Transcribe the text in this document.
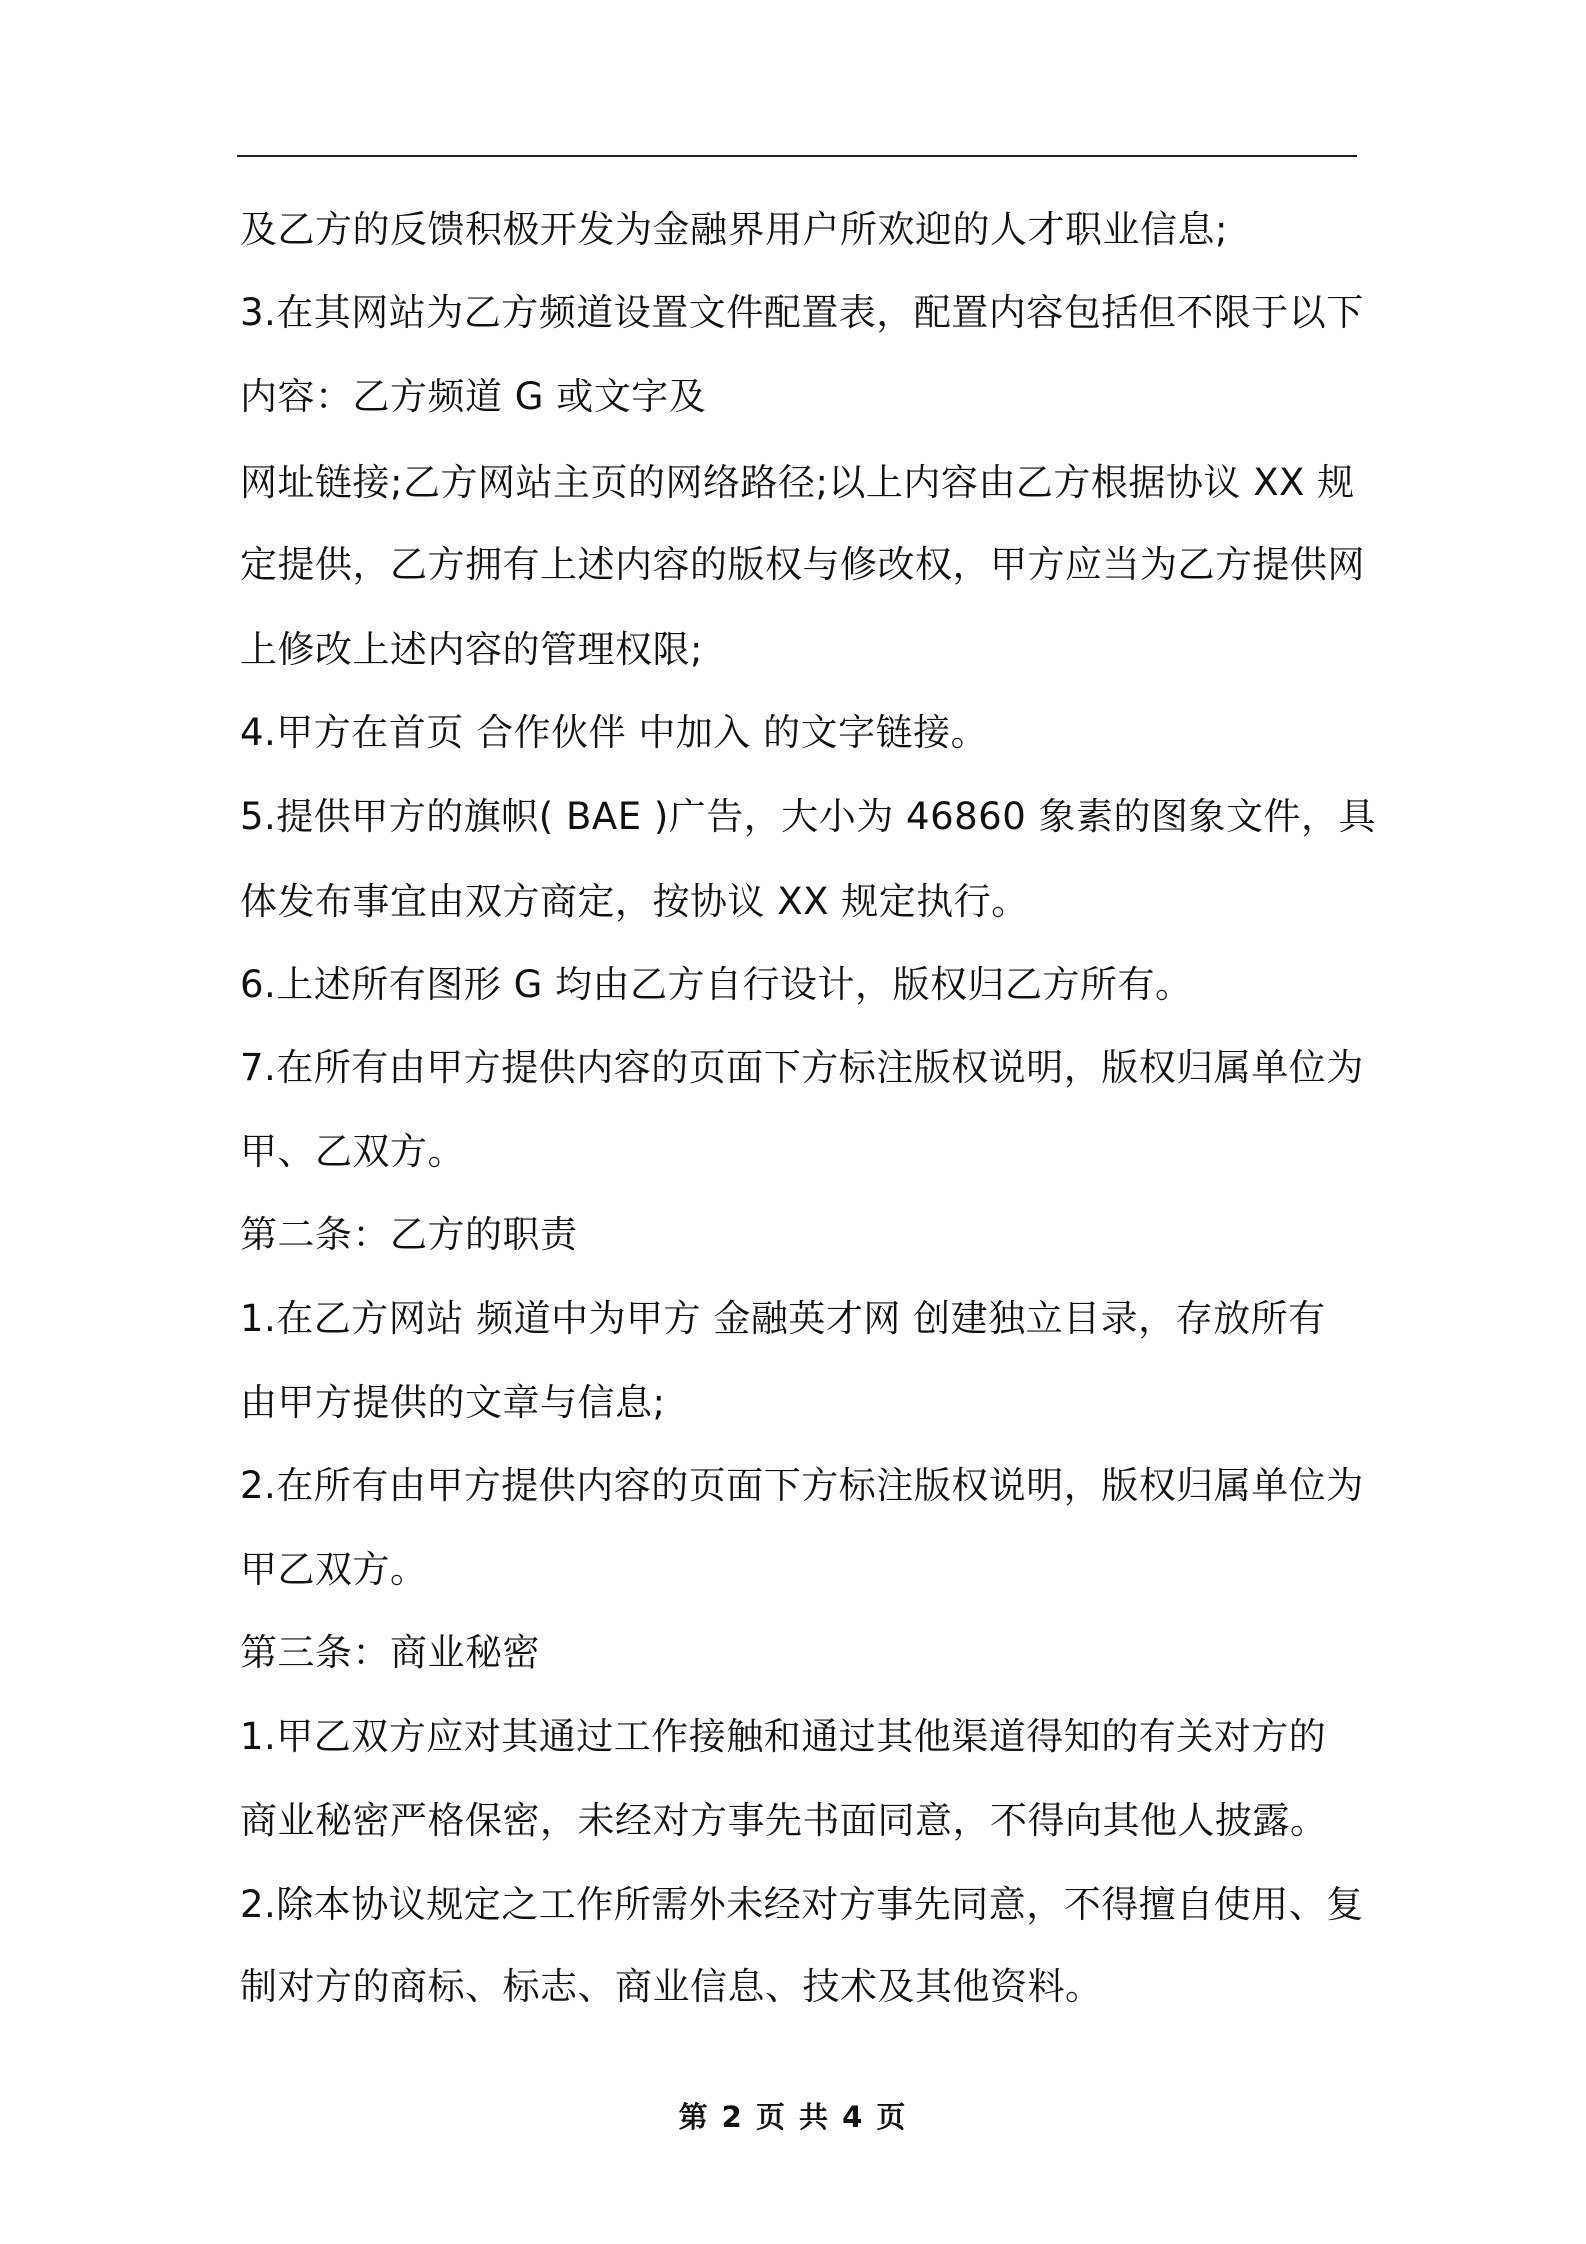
及乙方的反馈积极开发为金融界用户所欢迎的人才职业信息;
3.在其网站为乙方频道设置文件配置表，配置内容包括但不限于以下
内容：乙方频道 G 或文字及
网址链接;乙方网站主页的网络路径;以上内容由乙方根据协议 XX 规
定提供，乙方拥有上述内容的版权与修改权，甲方应当为乙方提供网
上修改上述内容的管理权限;
4.甲方在首页 合作伙伴 中加入 的文字链接。
5.提供甲方的旗帜( BAE )广告，大小为 46860 象素的图象文件，具
体发布事宜由双方商定，按协议 XX 规定执行。
6.上述所有图形 G 均由乙方自行设计，版权归乙方所有。
7.在所有由甲方提供内容的页面下方标注版权说明，版权归属单位为
甲、乙双方。
第二条：乙方的职责
1.在乙方网站 频道中为甲方 金融英才网 创建独立目录，存放所有
由甲方提供的文章与信息;
2.在所有由甲方提供内容的页面下方标注版权说明，版权归属单位为
甲乙双方。
第三条：商业秘密
1.甲乙双方应对其通过工作接触和通过其他渠道得知的有关对方的
商业秘密严格保密，未经对方事先书面同意，不得向其他人披露。
2.除本协议规定之工作所需外未经对方事先同意，不得擅自使用、复
制对方的商标、标志、商业信息、技术及其他资料。
第 2 页 共 4 页
